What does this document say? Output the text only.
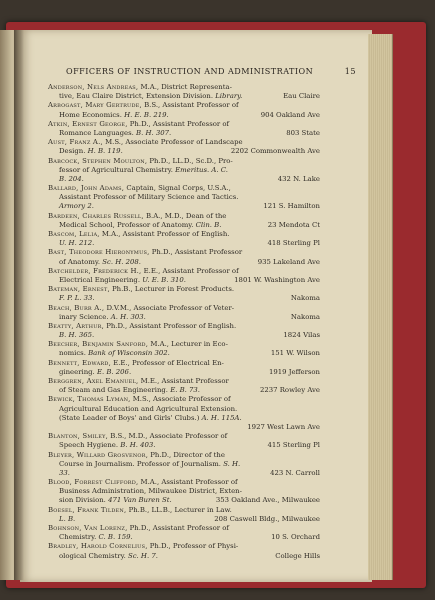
OFFICERS OF INSTRUCTION AND ADMINISTRATION	15
Anderson, Nels Andreas, M.A., District Representa-
tive, Eau Claire District, Extension Division. Library.	Eau Claire
Arbogast, Mary Gertrude, B.S., Assistant Professor of
Home Economics. H. E. B. 219.	904 Oakland Ave
Atkin, Ernest George, Ph.D., Assistant Professor of
Romance Languages. B. H. 307.	803 State
Aust, Franz A., M.S., Associate Professor of Landscape
Design. H. B. 119.	2202 Commonwealth Ave
Babcock, Stephen Moulton, Ph.D., LL.D., Sc.D., Pro-
fessor of Agricultural Chemistry. Emeritus. A. C.
B. 204.	432 N. Lake
Ballard, John Adams, Captain, Signal Corps, U.S.A.,
Assistant Professor of Military Science and Tactics.
Armory 2.	121 S. Hamilton
Bardeen, Charles Russell, B.A., M.D., Dean of the
Medical School, Professor of Anatomy. Clin. B.	23 Mendota Ct
Bascom, Lelia, M.A., Assistant Professor of English.
U. H. 212.	418 Sterling Pl
Bast, Theodore Hieronymus, Ph.D., Assistant Professor
of Anatomy. Sc. H. 208.	935 Lakeland Ave
Batchelder, Frederick H., E.E., Assistant Professor of
Electrical Engineering. U. E. B. 310.	1801 W. Washington Ave
Bateman, Ernest, Ph.B., Lecturer in Forest Products.
F. P. L. 33.	Nakoma
Beach, Burr A., D.V.M., Associate Professor of Veter-
inary Science. A. H. 303.	Nakoma
Beatty, Arthur, Ph.D., Assistant Professor of English.
B. H. 365.	1824 Vilas
Beecher, Benjamin Sanford, M.A., Lecturer in Eco-
nomics. Bank of Wisconsin 302.	151 W. Wilson
Bennett, Edward, E.E., Professor of Electrical En-
gineering. E. B. 206.	1919 Jefferson
Berggren, Axel Emanuel, M.E., Assistant Professor
of Steam and Gas Engineering. E. B. 73.	2237 Rowley Ave
Bewick, Thomas Lyman, M.S., Associate Professor of
Agricultural Education and Agricultural Extension.
(State Leader of Boys' and Girls' Clubs.) A. H. 115A.
1927 West Lawn Ave
Blanton, Smiley, B.S., M.D., Associate Professor of
Speech Hygiene. B. H. 403.	415 Sterling Pl
Bleyer, Willard Grosvenor, Ph.D., Director of the
Course in Journalism. Professor of Journalism. S. H.
33.	423 N. Carroll
Blood, Forrest Clifford, M.A., Assistant Professor of
Business Administration, Milwaukee District, Exten-
sion Division. 471 Van Buren St.	353 Oakland Ave., Milwaukee
Boesel, Frank Tilden, Ph.B., LL.B., Lecturer in Law.
L. B.	208 Caswell Bldg., Milwaukee
Bohnson, Van Lorenz, Ph.D., Assistant Professor of
Chemistry. C. B. 159.	10 S. Orchard
Bradley, Harold Cornelius, Ph.D., Professor of Physi-
ological Chemistry. Sc. H. 7.	College Hills
